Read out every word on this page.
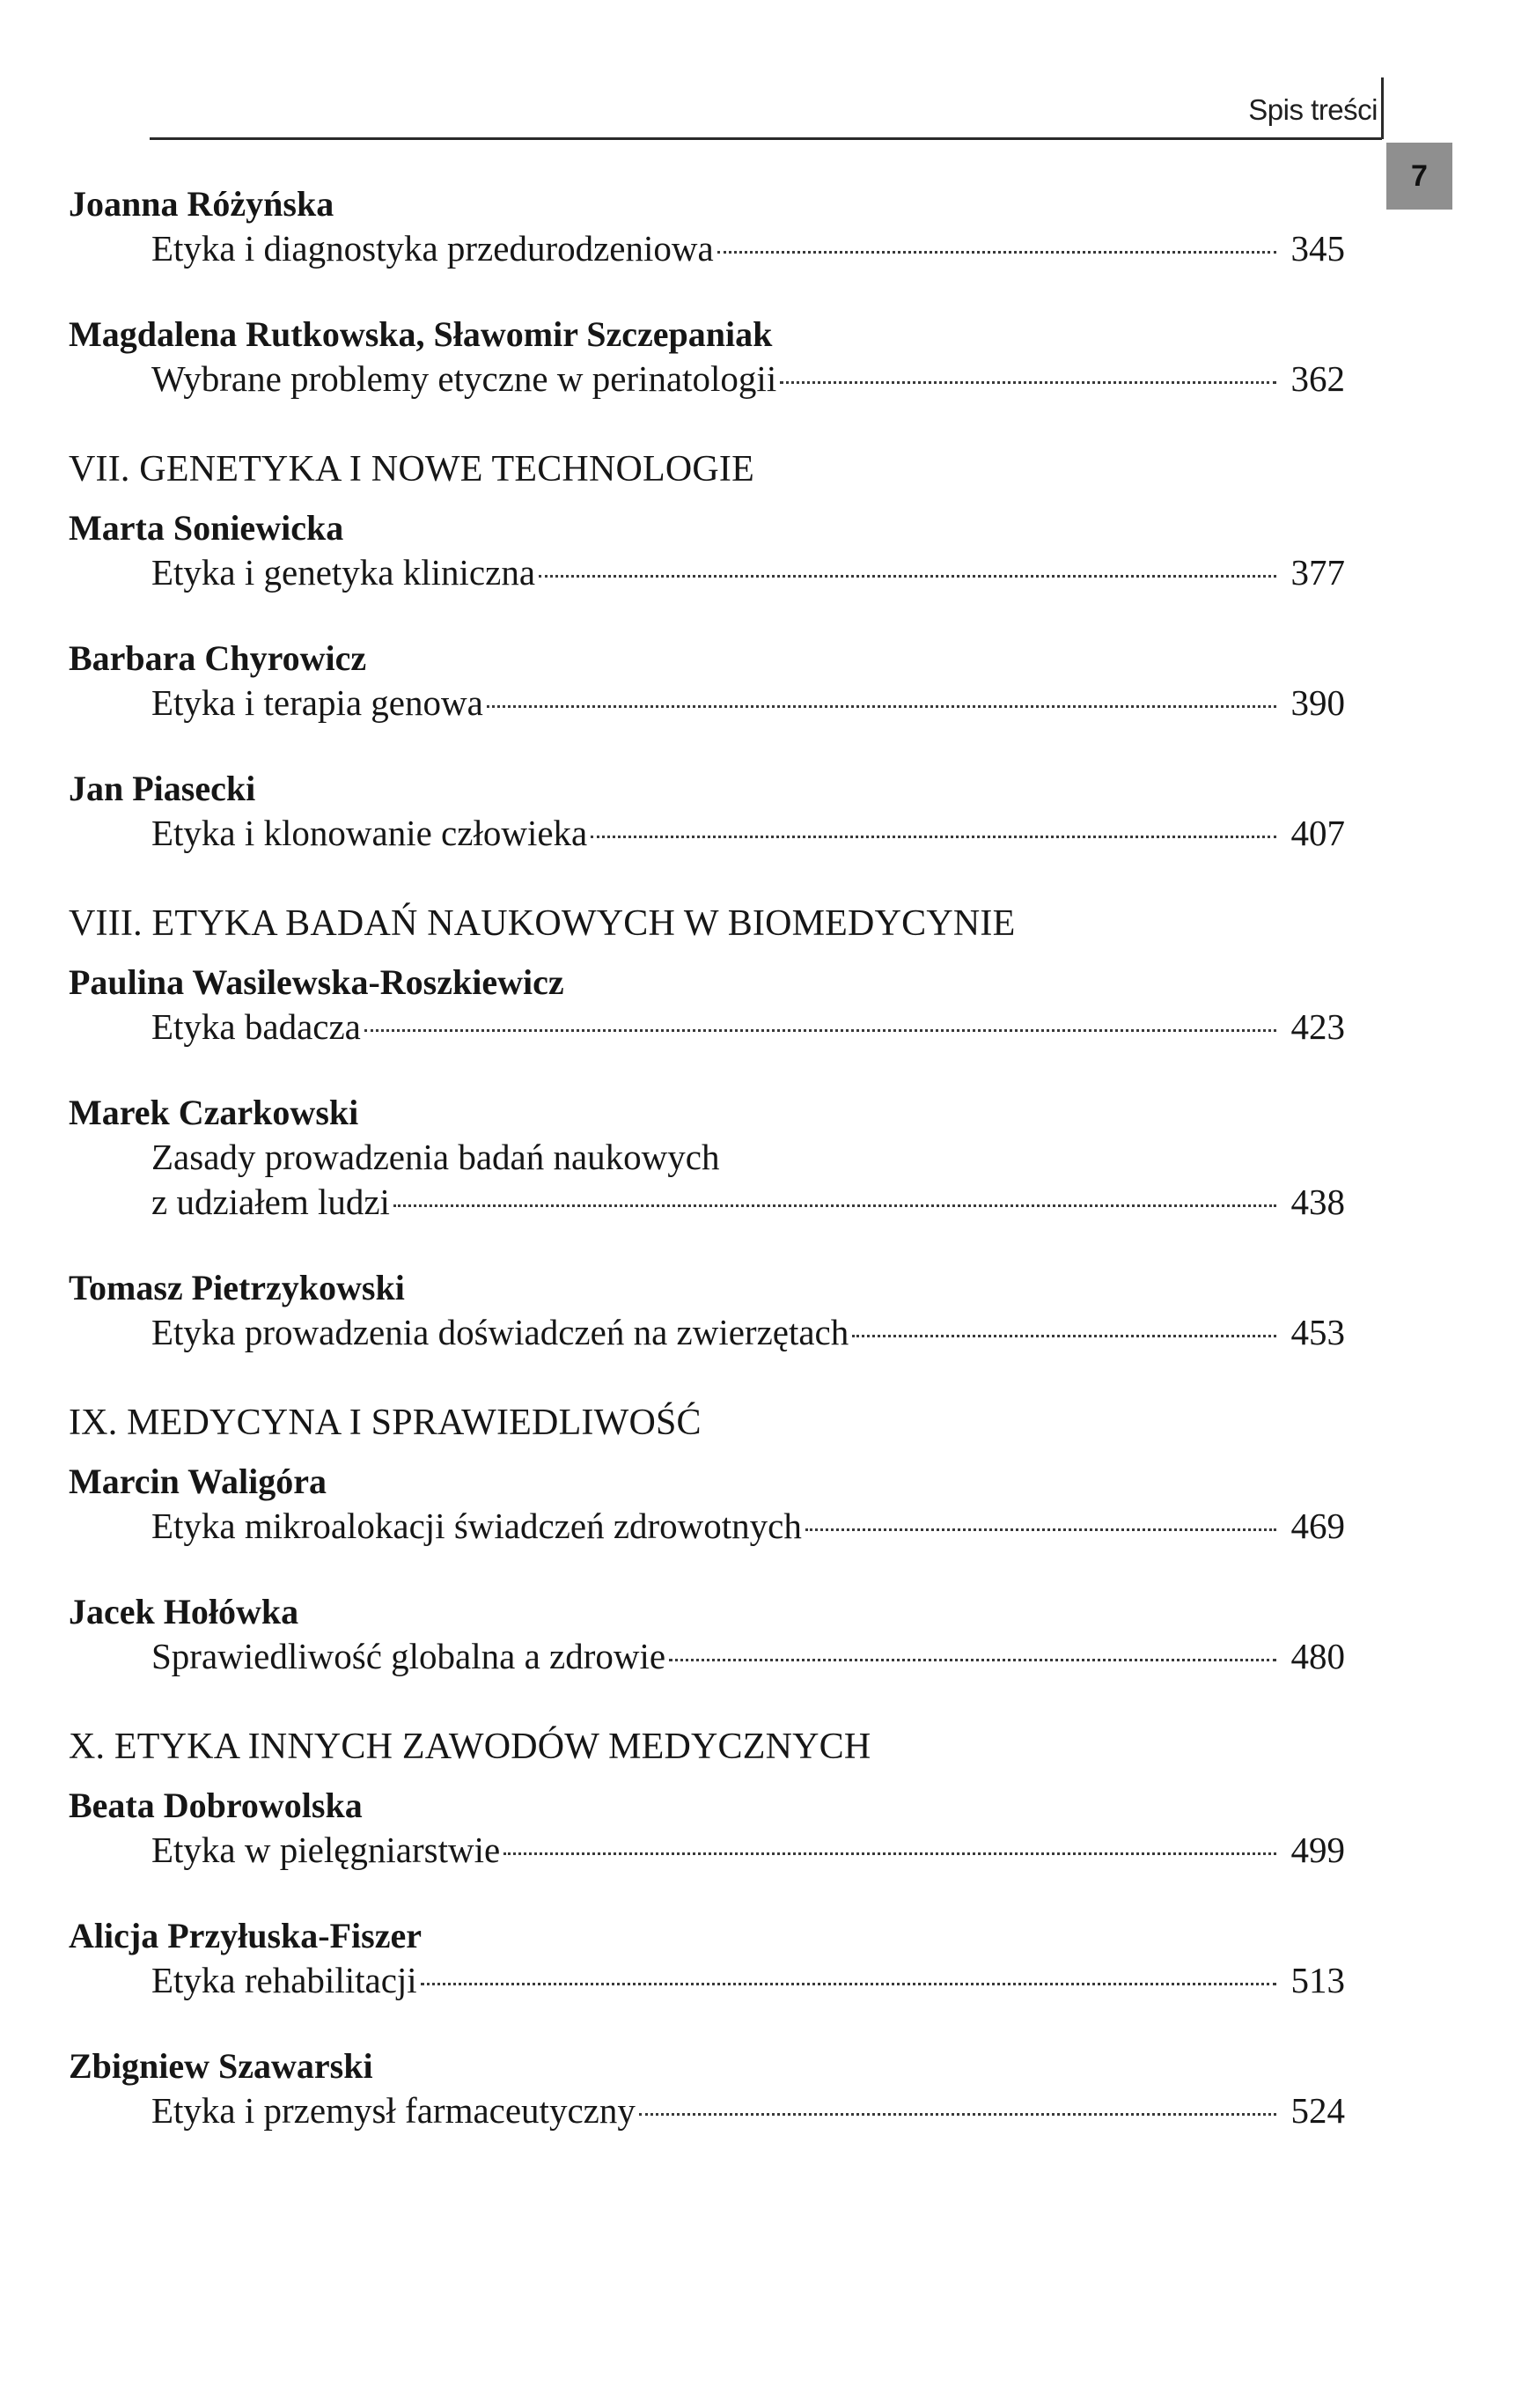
Spis treści
7
Joanna Różyńska
Etyka i diagnostyka przedurodzeniowa	345
Magdalena Rutkowska, Sławomir Szczepaniak
Wybrane problemy etyczne w perinatologii	362
VII. GENETYKA I NOWE TECHNOLOGIE
Marta Soniewicka
Etyka i genetyka kliniczna	377
Barbara Chyrowicz
Etyka i terapia genowa	390
Jan Piasecki
Etyka i klonowanie człowieka	407
VIII. ETYKA BADAŃ NAUKOWYCH W BIOMEDYCYNIE
Paulina Wasilewska-Roszkiewicz
Etyka badacza	423
Marek Czarkowski
Zasady prowadzenia badań naukowych
z udziałem ludzi	438
Tomasz Pietrzykowski
Etyka prowadzenia doświadczeń na zwierzętach	453
IX. MEDYCYNA I SPRAWIEDLIWOŚĆ
Marcin Waligóra
Etyka mikroalokacji świadczeń zdrowotnych	469
Jacek Hołówka
Sprawiedliwość globalna a zdrowie	480
X. ETYKA INNYCH ZAWODÓW MEDYCZNYCH
Beata Dobrowolska
Etyka w pielęgniarstwie	499
Alicja Przyłuska-Fiszer
Etyka rehabilitacji	513
Zbigniew Szawarski
Etyka i przemysł farmaceutyczny	524
